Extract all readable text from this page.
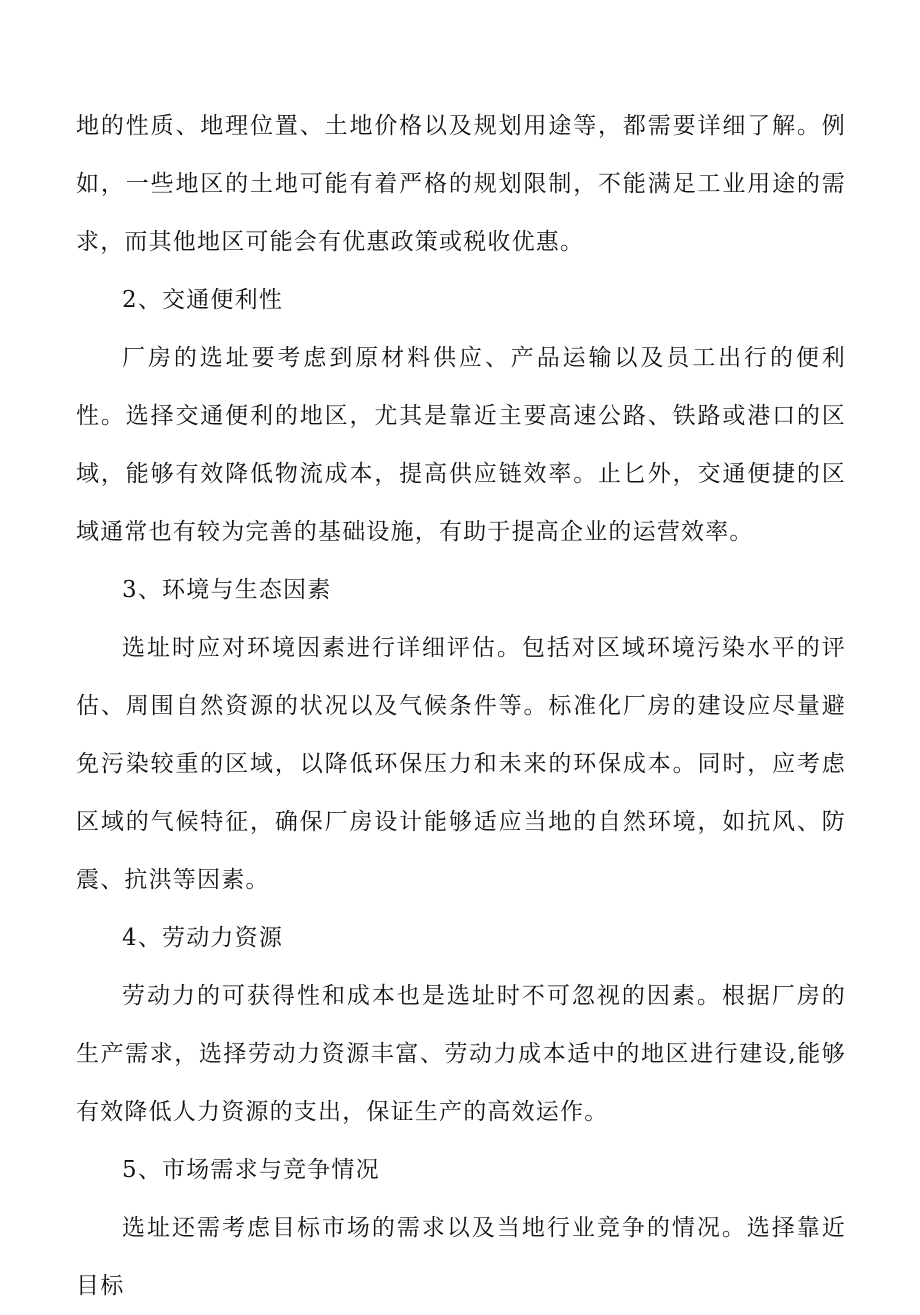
地的性质、地理位置、土地价格以及规划用途等，都需要详细了解。例如，一些地区的土地可能有着严格的规划限制，不能满足工业用途的需求，而其他地区可能会有优惠政策或税收优惠。

2、交通便利性

厂房的选址要考虑到原材料供应、产品运输以及员工出行的便利性。选择交通便利的地区，尤其是靠近主要高速公路、铁路或港口的区域，能够有效降低物流成本，提高供应链效率。止匕外，交通便捷的区域通常也有较为完善的基础设施，有助于提高企业的运营效率。

3、环境与生态因素

选址时应对环境因素进行详细评估。包括对区域环境污染水平的评估、周围自然资源的状况以及气候条件等。标准化厂房的建设应尽量避免污染较重的区域，以降低环保压力和未来的环保成本。同时，应考虑区域的气候特征，确保厂房设计能够适应当地的自然环境，如抗风、防震、抗洪等因素。

4、劳动力资源

劳动力的可获得性和成本也是选址时不可忽视的因素。根据厂房的生产需求，选择劳动力资源丰富、劳动力成本适中的地区进行建设,能够有效降低人力资源的支出，保证生产的高效运作。

5、市场需求与竞争情况

选址还需考虑目标市场的需求以及当地行业竞争的情况。选择靠近目标
